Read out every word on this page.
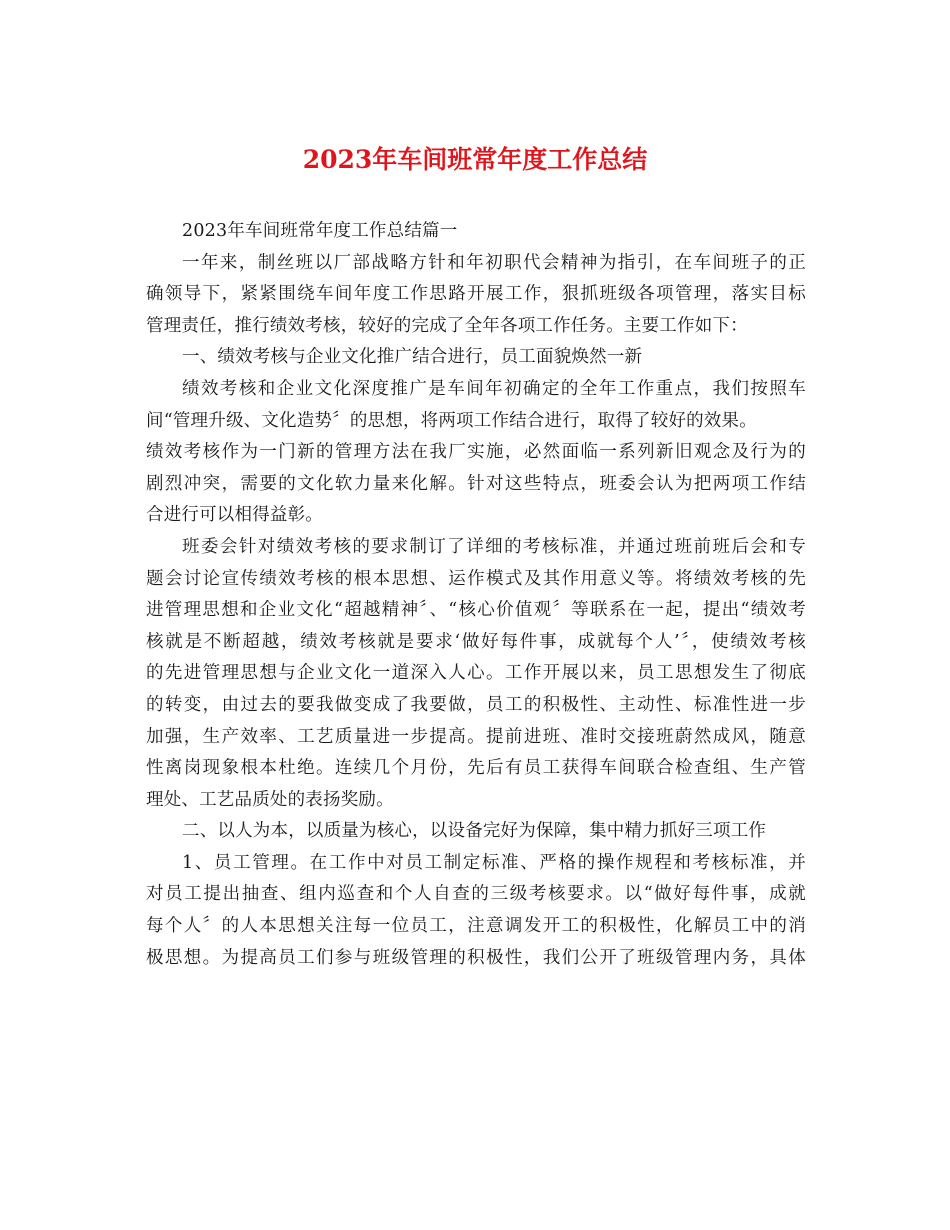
2023年车间班常年度工作总结
2023年车间班常年度工作总结篇一
一年来，制丝班以厂部战略方针和年初职代会精神为指引，在车间班子的正
确领导下，紧紧围绕车间年度工作思路开展工作，狠抓班级各项管理，落实目标
管理责任，推行绩效考核，较好的完成了全年各项工作任务。主要工作如下：
一、绩效考核与企业文化推广结合进行，员工面貌焕然一新
绩效考核和企业文化深度推广是车间年初确定的全年工作重点，我们按照车
间“管理升级、文化造势〞的思想，将两项工作结合进行，取得了较好的效果。
绩效考核作为一门新的管理方法在我厂实施，必然面临一系列新旧观念及行为的
剧烈冲突，需要的文化软力量来化解。针对这些特点，班委会认为把两项工作结
合进行可以相得益彰。
班委会针对绩效考核的要求制订了详细的考核标准，并通过班前班后会和专
题会讨论宣传绩效考核的根本思想、运作模式及其作用意义等。将绩效考核的先
进管理思想和企业文化“超越精神〞、“核心价值观〞等联系在一起，提出“绩效考
核就是不断超越，绩效考核就是要求‘做好每件事，成就每个人’〞，使绩效考核
的先进管理思想与企业文化一道深入人心。工作开展以来，员工思想发生了彻底
的转变，由过去的要我做变成了我要做，员工的积极性、主动性、标准性进一步
加强，生产效率、工艺质量进一步提高。提前进班、准时交接班蔚然成风，随意
性离岗现象根本杜绝。连续几个月份，先后有员工获得车间联合检查组、生产管
理处、工艺品质处的表扬奖励。
二、以人为本，以质量为核心，以设备完好为保障，集中精力抓好三项工作
1、员工管理。在工作中对员工制定标准、严格的操作规程和考核标准，并
对员工提出抽查、组内巡查和个人自查的三级考核要求。以“做好每件事，成就
每个人〞的人本思想关注每一位员工，注意调发开工的积极性，化解员工中的消
极思想。为提高员工们参与班级管理的积极性，我们公开了班级管理内务，具体
